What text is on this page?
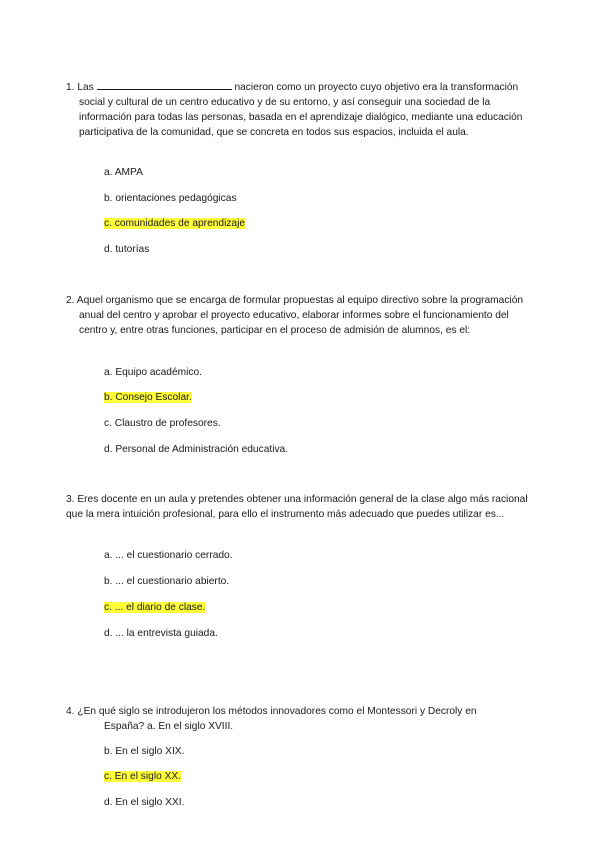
1. Las	nacieron como un proyecto cuyo objetivo era la transformación social y cultural de un centro educativo y de su entorno, y así conseguir una sociedad de la información para todas las personas, basada en el aprendizaje dialógico, mediante una educación participativa de la comunidad, que se concreta en todos sus espacios, incluida el aula.

a. AMPA
b. orientaciones pedagógicas
c. comunidades de aprendizaje
d. tutorías

2. Aquel organismo que se encarga de formular propuestas al equipo directivo sobre la programación anual del centro y aprobar el proyecto educativo, elaborar informes sobre el funcionamiento del centro y, entre otras funciones, participar en el proceso de admisión de alumnos, es el:

a. Equipo académico.
b. Consejo Escolar.
c. Claustro de profesores.
d. Personal de Administración educativa.

3. Eres docente en un aula y pretendes obtener una información general de la clase algo más racional que la mera intuición profesional, para ello el instrumento más adecuado que puedes utilizar es...

a. ... el cuestionario cerrado.
b. ... el cuestionario abierto.
c. ... el diario de clase.
d. ... la entrevista guiada.
4. ¿En qué siglo se introdujeron los métodos innovadores como el Montessori y Decroly en
España? a. En el siglo XVIII.
b. En el siglo XIX.
c. En el siglo XX.
d. En el siglo XXI.
